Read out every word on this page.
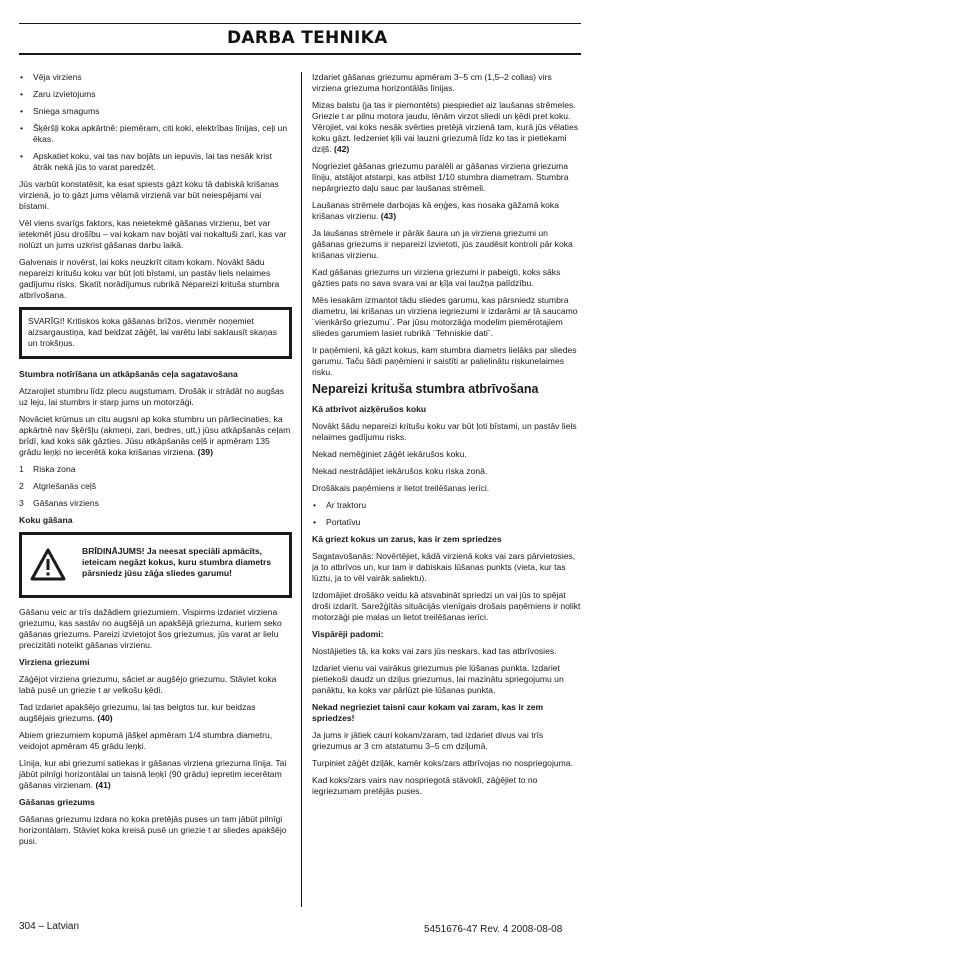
DARBA TEHNIKA
• Vēja virziens
• Zaru izvietojums
• Sniega smagums
• Šķēršļi koka apkārtnē: piemēram, citi koki, elektrības līnijas, ceļi un ēkas.
• Apskatiet koku, vai tas nav bojāts un iepuvis, lai tas nesāk krist ātrāk nekā jūs to varat paredzēt.

Jūs varbūt konstatēsit, ka esat spiests gāzt koku tā dabiskā krišanas virzienā, jo to gāzt jums vēlamā virzienā var būt neiespējami vai bīstami.

Vēl viens svarīgs faktors, kas neietekmē gāšanas virzienu, bet var ietekmēt jūsu drošību – vai kokam nav bojāti vai nokaltuši zari, kas var nolūzt un jums uzkrist gāšanas darbu laikā.

Galvenais ir novērst, lai koks neuzkrīt citam kokam. Novākt šādu nepareizi kritušu koku var būt ļoti bīstami, un pastāv liels nelaimes gadījumu risks. Skatīt norādījumus rubrikā Nepareizi krituša stumbra atbrīvošana.

SVARĪGI! Kritiskos koka gāšanas brīžos, vienmēr noņemiet aizsargaustiņa, kad beidzat zāģēt, lai varētu labi saklausīt skaņas un trokšņus.

Stumbra notīrīšana un atkāpšanās ceļa sagatavošana

Atzarojiet stumbru līdz plecu augstumam. Drošāk ir strādāt no augšas uz leju, lai stumbrs ir starp jums un motorzāģi.

Novāciet krūmus un citu augsni ap koka stumbru un pārliecinaties, ka apkārtnē nav šķēršļu (akmeņi, zari, bedres, utt.) jūsu atkāpšanās ceļam brīdī, kad koks sāk gāzties. Jūsu atkāpšanās ceļš ir apmēram 135 grādu leņķi no iecerētā koka krišanas virziena. (39)

1	Riska zona
2	Atgriešanās ceļš
3	Gāšanas virziens

Koku gāšana

BRĪDINĀJUMS! Ja neesat speciāli apmācīts, ieteicam negāzt kokus, kuru stumbra diametrs pārsniedz jūsu zāģa sliedes garumu!

Gāšanu veic ar trīs dažādiem griezumiem. Vispirms izdariet virziena griezumu, kas sastāv no augšējā un apakšējā griezuma, kuriem seko gāšanas griezums. Pareizi izvietojot šos griezumus, jūs varat ar lielu precizitāti noteikt gāšanas virzienu.

Virziena griezumi

Zāģējot virziena griezumu, săciet ar augšējo griezumu. Stāviet koka labā pusē un griezie t ar velkošu ķēdi.

Tad izdariet apakšējo griezumu, lai tas beigtos tur, kur beidzas augšējais griezums. (40)

Abiem griezumiem kopumā jāšķel apmēram 1/4 stumbra diametru, veidojot apmēram 45 grādu leņķi.

Līnija, kur abi griezumi satiekas ir gāšanas virziena griezuma līnija. Tai jābūt pilnīgi horizontālai un taisnā leņķī (90 grādu) iepretim iecerētam gāšanas virzienam. (41)

Gāšanas griezums

Gāšanas griezumu izdara no koka pretējās puses un tam jābūt pilnīgi horizontālam. Stāviet koka kreisā pusē un griezie t ar sliedes apakšējo pusi.

Izdariet gāšanas griezumu apmēram 3–5 cm (1,5–2 collas) virs virziena griezuma horizontālās līnijas.

Mizas balstu (ja tas ir piemontēts) piespiediet aiz laušanas strēmeles. Griezie t ar pilnu motora jaudu, lēnām virzot sliedi un ķēdi pret koku. Vērojiet, vai koks nesāk svērties pretējā virzienā tam, kurā jūs vēlaties koku gāzt. Iedzeniet ķīli vai lauzni griezumā līdz ko tas ir pietiekami dziļš. (42)

Nogrieziet gāšanas griezumu paralēli ar gāšanas virziena griezuma līniju, atstājot atstarpi, kas atbilst 1/10 stumbra diametram. Stumbra nepārgriezto daļu sauc par laušanas strēmeli.

Laušanas strēmele darbojas kā eņģes, kas nosaka gāžamā koka krišanas virzienu. (43)

Ja laušanas strēmele ir pārāk šaura un ja virziena griezumi un gāšanas griezums ir nepareizi izvietoti, jūs zaudēsit kontroli pār koka krišanas virzienu.

Kad gāšanas griezums un virziena griezumi ir pabeigti, koks sāks gāzties pats no sava svara vai ar ķīļa vai laužņa palīdzību.

Mēs iesakām izmantot tādu sliedes garumu, kas pārsniedz stumbra diametru, lai krišanas un virziena iegriezumi ir izdarāmi ar tā saucamo ¨vienkāršo griezumu¨. Par jūsu motorzāģa modelim piemērotajiem sliedes garumiem lasiet rubrikā ¨Tehniskie dati¨.

Ir paņēmieni, kā gāzt kokus, kam stumbra diametrs lielāks par sliedes garumu. Taču šādi paņēmieni ir saistīti ar palielinātu riskunelaimes risku.

Nepareizi krituša stumbra atbrīvošana

Kā atbrīvot aizķērušos koku

Novākt šādu nepareizi kritušu koku var būt ļoti bīstami, un pastāv liels nelaimes gadījumu risks.

Nekad nemēģiniet zāģēt iekārušos koku.

Nekad nestrādājiet iekārušos koku riska zonā.

Drošākais paņēmiens ir lietot treilēšanas ierīci.

• Ar traktoru
• Portatīvu

Kā griezt kokus un zarus, kas ir zem spriedzes

Sagatavošanās: Novērtējiet, kādā virzienā koks vai zars pārvietosies, ja to atbrīvos un, kur tam ir dabiskais lūšanas punkts (vieta, kur tas lūztu, ja to vēl vairāk saliektu).

Izdomājiet drošāko veidu kā atsvabināt spriedzi un vai jūs to spējat droši izdarīt. Sarežģītās situācijās vienīgais drošais paņēmiens ir nolikt motorzāģi pie malas un lietot treilēšanas ierīci.

Vispārēji padomi:

Nostājieties tā, ka koks vai zars jūs neskars, kad tas atbrīvosies.

Izdariet vienu vai vairākus griezumus pie lūšanas punkta. Izdariet pietiekoši daudz un dziļus griezumus, lai mazinātu spriegojumu un panāktu, ka koks var pārlūzt pie lūšanas punkta.

Nekad negrieziet taisni caur kokam vai zaram, kas ir zem spriedzes!

Ja jums ir jātiek cauri kokam/zaram, tad izdariet divus vai trīs griezumus ar 3 cm atstatumu 3–5 cm dziļumā.

Turpiniet zāģēt dziļāk, kamēr koks/zars atbrīvojas no nospriegojuma.

Kad koks/zars vairs nav nospriegotā stāvoklī, zāģējiet to no iegriezumam pretējās puses.

304 – Latvian	5451676-47 Rev. 4 2008-08-08
